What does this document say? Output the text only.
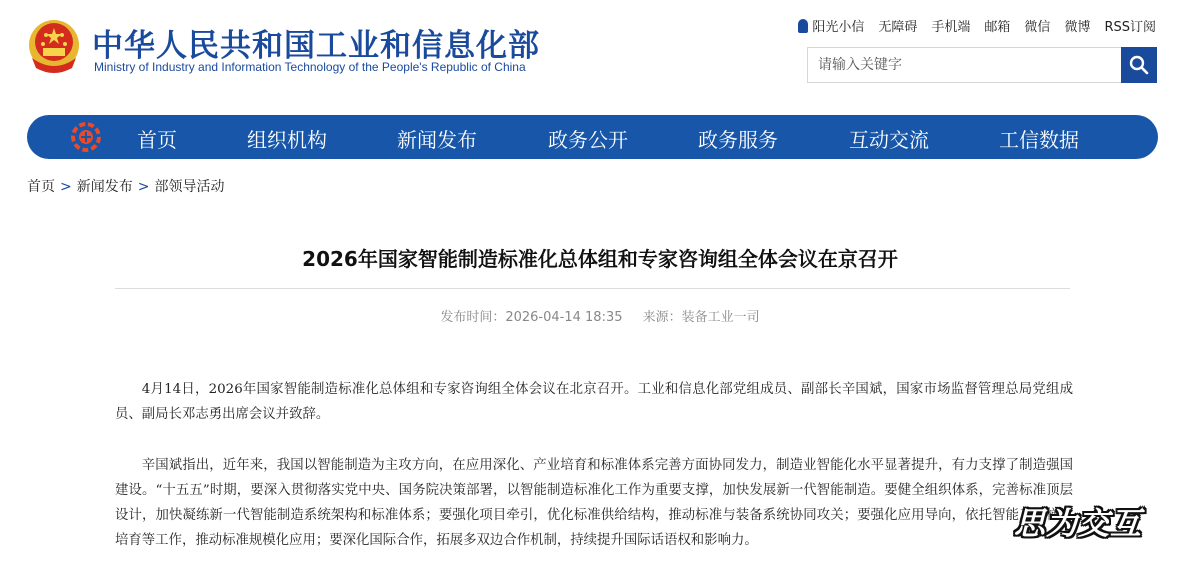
中华人民共和国工业和信息化部
Ministry of Industry and Information Technology of the People's Republic of China
阳光小信 无障碍 手机端 邮箱 微信 微博 RSS订阅
请输入关键字
首页	组织机构	新闻发布	政务公开	政务服务	互动交流	工信数据
首页 > 新闻发布 > 部领导活动
2026年国家智能制造标准化总体组和专家咨询组全体会议在京召开
发布时间：2026-04-14 18:35 来源：装备工业一司
4月14日，2026年国家智能制造标准化总体组和专家咨询组全体会议在北京召开。工业和信息化部党组成员、副部长辛国斌，国家市场监督管理总局党组成员、副局长邓志勇出席会议并致辞。
辛国斌指出，近年来，我国以智能制造为主攻方向，在应用深化、产业培育和标准体系完善方面协同发力，制造业智能化水平显著提升，有力支撑了制造强国建设。“十五五”时期，要深入贯彻落实党中央、国务院决策部署，以智能制造标准化工作为重要支撑，加快发展新一代智能制造。要健全组织体系，完善标准顶层设计，加快凝练新一代智能制造系统架构和标准体系；要强化项目牵引，优化标准供给结构，推动标准与装备系统协同攻关；要强化应用导向，依托智能工厂梯度培育等工作，推动标准规模化应用；要深化国际合作，拓展多双边合作机制，持续提升国际话语权和影响力。	思为交互
